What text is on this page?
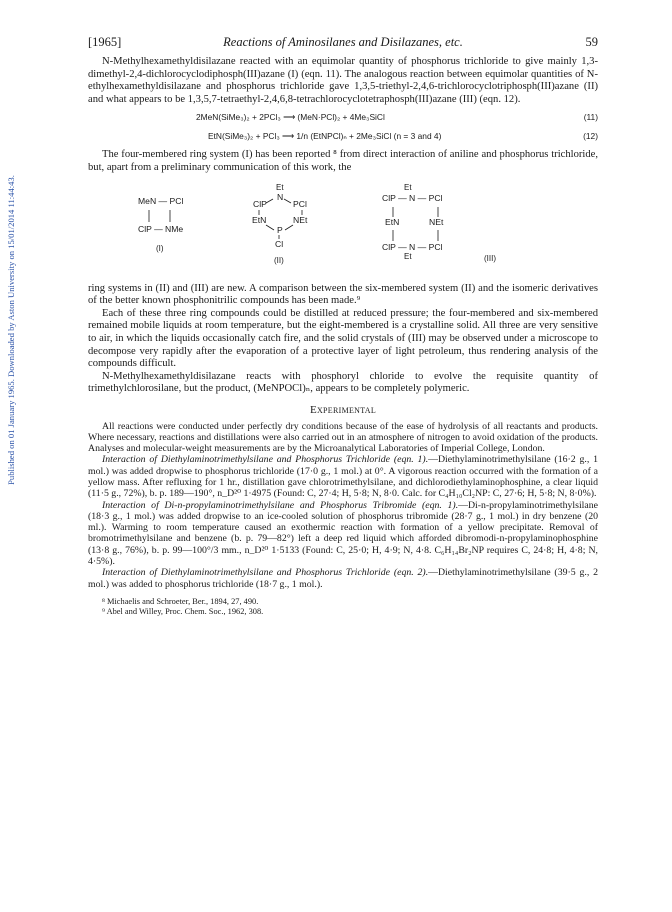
Published on 01 January 1965. Downloaded by Aston University on 15/01/2014 11:44:43.
[1965]	Reactions of Aminosilanes and Disilazanes, etc.	59

N-Methylhexamethyldisilazane reacted with an equimolar quantity of phosphorus trichloride to give mainly 1,3-dimethyl-2,4-dichlorocyclodiphosph(III)azane (I) (eqn. 11). The analogous reaction between equimolar quantities of N-ethylhexamethyldisilazane and phosphorus trichloride gave 1,3,5-triethyl-2,4,6-trichlorocyclotriphosph(III)azane (II) and what appears to be 1,3,5,7-tetraethyl-2,4,6,8-tetrachlorocyclotetraphosph(III)azane (III) (eqn. 12).

2MeN(SiMe₃)₂ + 2PCl₃ ⟶ (MeN·PCl)₂ + 4Me₃SiCl	(11)
EtN(SiMe₃)₂ + PCl₃ ⟶ 1/n (EtNPCl)ₙ + 2Me₃SiCl (n = 3 and 4)	(12)

The four-membered ring system (I) has been reported ⁸ from direct interaction of aniline and phosphorus trichloride, but, apart from a preliminary communication of this work, the

MeN — PCl
ClP — NMe
(I)
Et
N
ClP	PCl
EtN	NEt
P
Cl
(II)
Et
ClP — N — PCl
EtN	NEt
ClP — N — PCl
Et	(III)

ring systems in (II) and (III) are new. A comparison between the six-membered system (II) and the isomeric derivatives of the better known phosphonitrilic compounds has been made.⁹

Each of these three ring compounds could be distilled at reduced pressure; the four-membered and six-membered remained mobile liquids at room temperature, but the eight-membered is a crystalline solid. All three are very sensitive to air, in which the liquids occasionally catch fire, and the solid crystals of (III) may be observed under a microscope to decompose very rapidly after the evaporation of a protective layer of light petroleum, thus rendering analysis of the compounds difficult.

N-Methylhexamethyldisilazane reacts with phosphoryl chloride to evolve the requisite quantity of trimethylchlorosilane, but the product, (MeNPOCl)ₙ, appears to be completely polymeric.

Experimental

All reactions were conducted under perfectly dry conditions because of the ease of hydrolysis of all reactants and products. Where necessary, reactions and distillations were also carried out in an atmosphere of nitrogen to avoid oxidation of the products. Analyses and molecular-weight measurements are by the Microanalytical Laboratories of Imperial College, London.

Interaction of Diethylaminotrimethylsilane and Phosphorus Trichloride (eqn. 1).—Diethylaminotrimethylsilane (16·2 g., 1 mol.) was added dropwise to phosphorus trichloride (17·0 g., 1 mol.) at 0°. A vigorous reaction occurred with the formation of a yellow mass. After refluxing for 1 hr., distillation gave chlorotrimethylsilane, and dichlorodiethylaminophosphine, a clear liquid (11·5 g., 72%), b. p. 189—190°, n_D²⁰ 1·4975 (Found: C, 27·4; H, 5·8; N, 8·0. Calc. for C₄H₁₀Cl₂NP: C, 27·6; H, 5·8; N, 8·0%).

Interaction of Di-n-propylaminotrimethylsilane and Phosphorus Tribromide (eqn. 1).—Di-n-propylaminotrimethylsilane (18·3 g., 1 mol.) was added dropwise to an ice-cooled solution of phosphorus tribromide (28·7 g., 1 mol.) in dry benzene (20 ml.). Warming to room temperature caused an exothermic reaction with formation of a yellow precipitate. Removal of bromotrimethylsilane and benzene (b. p. 79—82°) left a deep red liquid which afforded dibromodi-n-propylaminophosphine (13·8 g., 76%), b. p. 99—100°/3 mm., n_D²⁰ 1·5133 (Found: C, 25·0; H, 4·9; N, 4·8. C₆H₁₄Br₂NP requires C, 24·8; H, 4·8; N, 4·5%).

Interaction of Diethylaminotrimethylsilane and Phosphorus Trichloride (eqn. 2).—Diethylaminotrimethylsilane (39·5 g., 2 mol.) was added to phosphorus trichloride (18·7 g., 1 mol.).

⁸ Michaelis and Schroeter, Ber., 1894, 27, 490.

⁹ Abel and Willey, Proc. Chem. Soc., 1962, 308.
